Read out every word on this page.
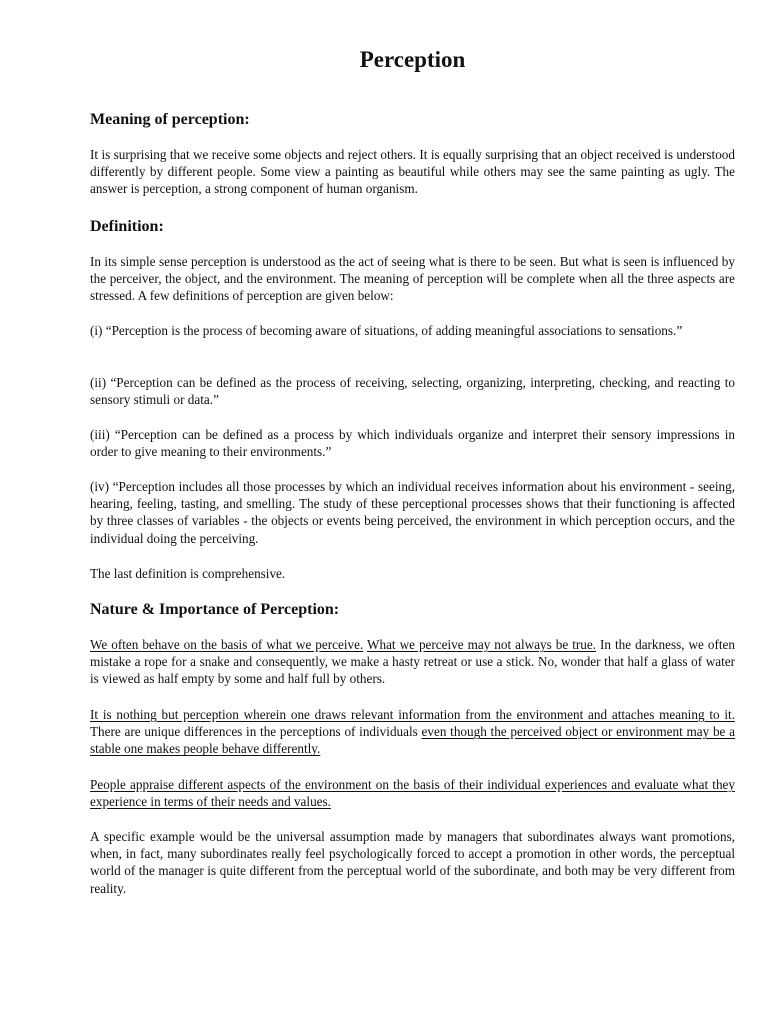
Perception
Meaning of perception:

It is surprising that we receive some objects and reject others. It is equally surprising that an object received is understood differently by different people. Some view a painting as beautiful while others may see the same painting as ugly. The answer is perception, a strong component of human organism.

Definition:

In its simple sense perception is understood as the act of seeing what is there to be seen. But what is seen is influenced by the perceiver, the object, and the environment. The meaning of perception will be complete when all the three aspects are stressed. A few definitions of perception are given below:

(i) “Perception is the process of becoming aware of situations, of adding meaningful associations to sensations.”

(ii) “Perception can be defined as the process of receiving, selecting, organizing, interpreting, checking, and reacting to sensory stimuli or data.”

(iii) “Perception can be defined as a process by which individuals organize and interpret their sensory impressions in order to give meaning to their environments.”

(iv) “Perception includes all those processes by which an individual receives information about his environment - seeing, hearing, feeling, tasting, and smelling. The study of these perceptional processes shows that their functioning is affected by three classes of variables - the objects or events being perceived, the environment in which perception occurs, and the individual doing the perceiving.

The last definition is comprehensive.

Nature & Importance of Perception:

We often behave on the basis of what we perceive. What we perceive may not always be true. In the darkness, we often mistake a rope for a snake and consequently, we make a hasty retreat or use a stick. No, wonder that half a glass of water is viewed as half empty by some and half full by others.

It is nothing but perception wherein one draws relevant information from the environment and attaches meaning to it. There are unique differences in the perceptions of individuals even though the perceived object or environment may be a stable one makes people behave differently.

People appraise different aspects of the environment on the basis of their individual experiences and evaluate what they experience in terms of their needs and values.

A specific example would be the universal assumption made by managers that subordinates always want promotions, when, in fact, many subordinates really feel psychologically forced to accept a promotion in other words, the perceptual world of the manager is quite different from the perceptual world of the subordinate, and both may be very different from reality.
